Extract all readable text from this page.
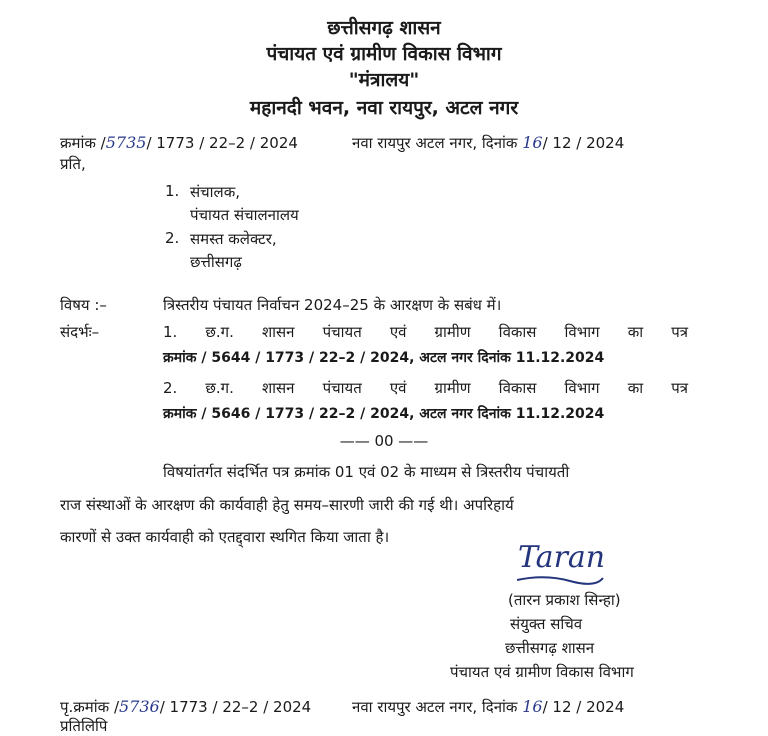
छत्तीसगढ़ शासन
पंचायत एवं ग्रामीण विकास विभाग
"मंत्रालय"
महानदी भवन, नवा रायपुर, अटल नगर
क्रमांक /5735/ 1773 / 22–2 / 2024	नवा रायपुर अटल नगर, दिनांक 16/ 12 / 2024
प्रति,
1. संचालक,
पंचायत संचालनालय
2. समस्त कलेक्टर,
छत्तीसगढ़
विषय :–	त्रिस्तरीय पंचायत निर्वाचन 2024–25 के आरक्षण के सबंध में।
संदर्भः–	1. छ.ग. शासन पंचायत एवं ग्रामीण विकास विभाग का पत्र
क्रमांक / 5644 / 1773 / 22–2 / 2024, अटल नगर दिनांक 11.12.2024
2. छ.ग. शासन पंचायत एवं ग्रामीण विकास विभाग का पत्र
क्रमांक / 5646 / 1773 / 22–2 / 2024, अटल नगर दिनांक 11.12.2024
—— 00 ——
विषयांतर्गत संदर्भित पत्र क्रमांक 01 एवं 02 के माध्यम से त्रिस्तरीय पंचायती
राज संस्थाओं के आरक्षण की कार्यवाही हेतु समय–सारणी जारी की गई थी। अपरिहार्य
कारणों से उक्त कार्यवाही को एतद्द्वारा स्थगित किया जाता है।
Taran
(तारन प्रकाश सिन्हा)
संयुक्त सचिव
छत्तीसगढ़ शासन
पंचायत एवं ग्रामीण विकास विभाग
पृ.क्रमांक /5736/ 1773 / 22–2 / 2024	नवा रायपुर अटल नगर, दिनांक 16/ 12 / 2024
प्रतिलिपि
